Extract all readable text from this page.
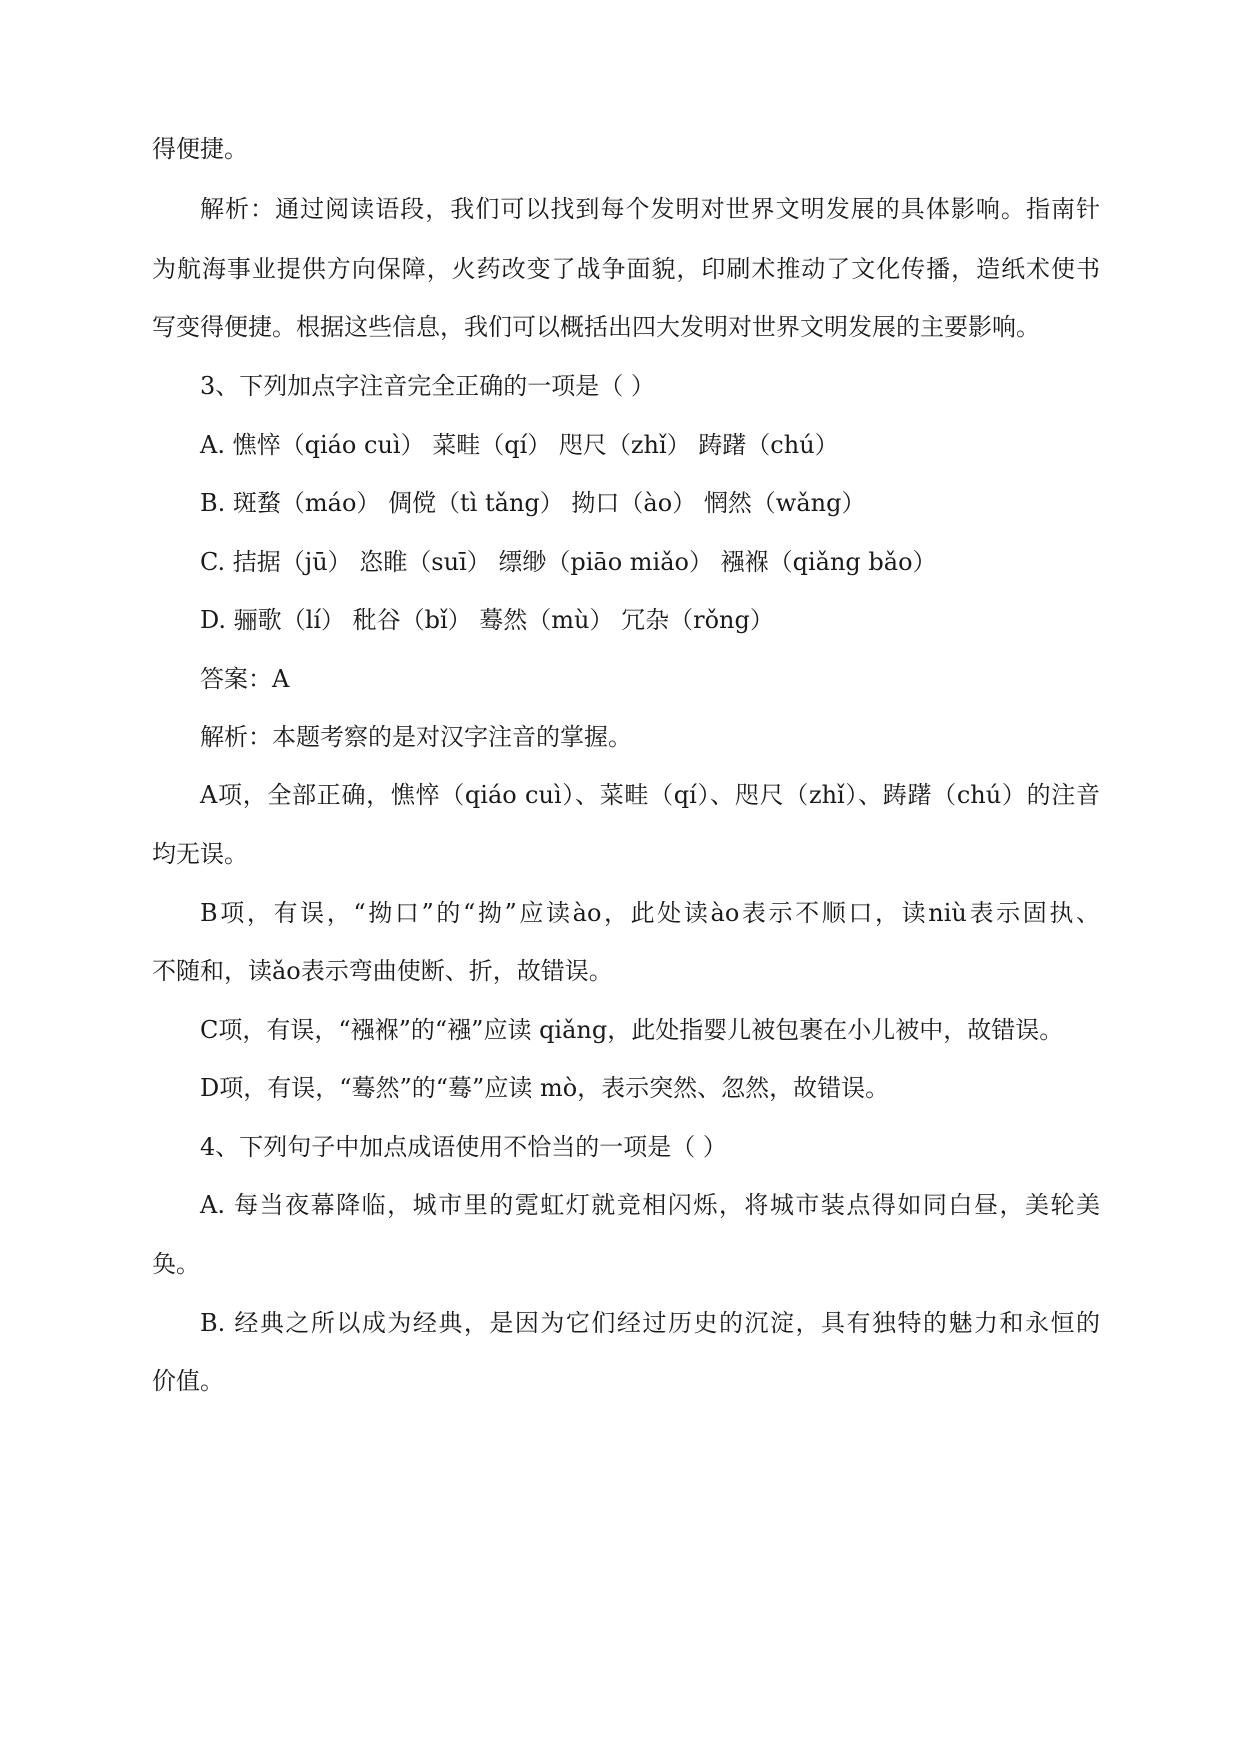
得便捷。

解析：通过阅读语段，我们可以找到每个发明对世界文明发展的具体影响。指南针

为航海事业提供方向保障，火药改变了战争面貌，印刷术推动了文化传播，造纸术使书

写变得便捷。根据这些信息，我们可以概括出四大发明对世界文明发展的主要影响。

3、下列加点字注音完全正确的一项是（ ）

A. 憔悴（qiáo cuì） 菜畦（qí） 咫尺（zhǐ） 踌躇（chú）

B. 斑蝥（máo） 倜傥（tì tǎng） 拗口（ào） 惘然（wǎng）

C. 拮据（jū） 恣睢（suī） 缥缈（piāo miǎo） 襁褓（qiǎng bǎo）

D. 骊歌（lí） 秕谷（bǐ） 蓦然（mù） 冗杂（rǒng）

答案：A

解析：本题考察的是对汉字注音的掌握。

A项，全部正确，憔悴（qiáo cuì）、菜畦（qí）、咫尺（zhǐ）、踌躇（chú）的注音

均无误。

B项，有误，“拗口”的“拗”应读ào，此处读ào表示不顺口，读niù表示固执、

不随和，读ǎo表示弯曲使断、折，故错误。

C项，有误，“襁褓”的“襁”应读 qiǎng，此处指婴儿被包裹在小儿被中，故错误。

D项，有误，“蓦然”的“蓦”应读 mò，表示突然、忽然，故错误。

4、下列句子中加点成语使用不恰当的一项是（ ）

A. 每当夜幕降临，城市里的霓虹灯就竞相闪烁，将城市装点得如同白昼，美轮美

奂。

B. 经典之所以成为经典，是因为它们经过历史的沉淀，具有独特的魅力和永恒的

价值。
